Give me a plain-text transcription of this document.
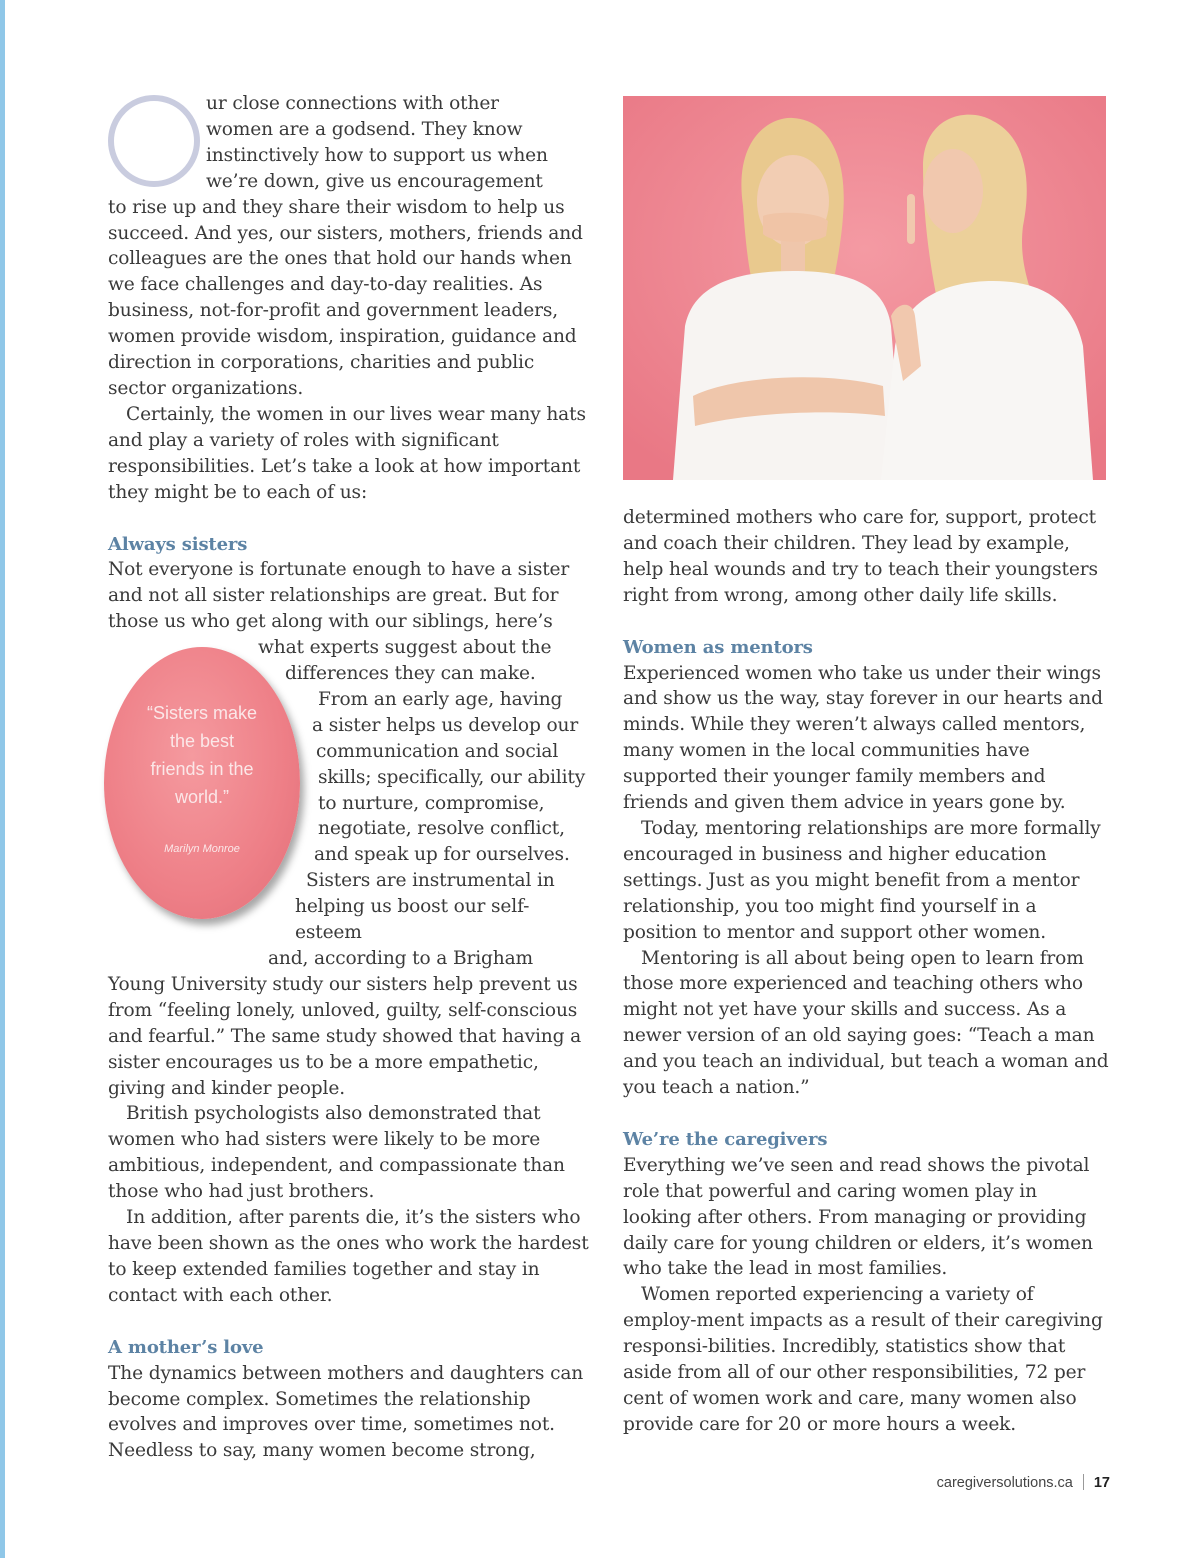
ur close connections with other
women are a godsend. They know
instinctively how to support us when
we’re down, give us encouragement

to rise up and they share their wisdom to help us succeed. And yes, our sisters, mothers, friends and colleagues are the ones that hold our hands when we face challenges and day-to-day realities. As business, not-for-profit and government leaders, women provide wisdom, inspiration, guidance and direction in corporations, charities and public sector organizations.

Certainly, the women in our lives wear many hats and play a variety of roles with significant responsibilities. Let’s take a look at how important they might be to each of us:

Always sisters

Not everyone is fortunate enough to have a sister and not all sister relationships are great. But for those us who get along with our siblings, here’s

what experts suggest about the
differences they can make.
From an early age, having
a sister helps us develop our
communication and social
skills; specifically, our ability
to nurture, compromise,
negotiate, resolve conflict,
and speak up for ourselves.
Sisters are instrumental in
helping us boost our self-esteem
and, according to a Brigham

Young University study our sisters help prevent us from “feeling lonely, unloved, guilty, self-conscious and fearful.” The same study showed that having a sister encourages us to be a more empathetic, giving and kinder people.

British psychologists also demonstrated that women who had sisters were likely to be more ambitious, independent, and compassionate than those who had just brothers.

In addition, after parents die, it’s the sisters who have been shown as the ones who work the hardest to keep extended families together and stay in contact with each other.

A mother’s love

The dynamics between mothers and daughters can become complex. Sometimes the relationship evolves and improves over time, sometimes not. Needless to say, many women become strong,

“Sisters make the best friends in the world.”
Marilyn Monroe

determined mothers who care for, support, protect and coach their children. They lead by example, help heal wounds and try to teach their youngsters right from wrong, among other daily life skills.

Women as mentors

Experienced women who take us under their wings and show us the way, stay forever in our hearts and minds. While they weren’t always called mentors, many women in the local communities have supported their younger family members and friends and given them advice in years gone by.

Today, mentoring relationships are more formally encouraged in business and higher education settings. Just as you might benefit from a mentor relationship, you too might find yourself in a position to mentor and support other women.

Mentoring is all about being open to learn from those more experienced and teaching others who might not yet have your skills and success. As a newer version of an old saying goes: “Teach a man and you teach an individual, but teach a woman and you teach a nation.”

We’re the caregivers

Everything we’ve seen and read shows the pivotal role that powerful and caring women play in looking after others. From managing or providing daily care for young children or elders, it’s women who take the lead in most families.

Women reported experiencing a variety of employ-ment impacts as a result of their caregiving responsi-bilities. Incredibly, statistics show that aside from all of our other responsibilities, 72 per cent of women work and care, many women also provide care for 20 or more hours a week.

caregiversolutions.ca 17
